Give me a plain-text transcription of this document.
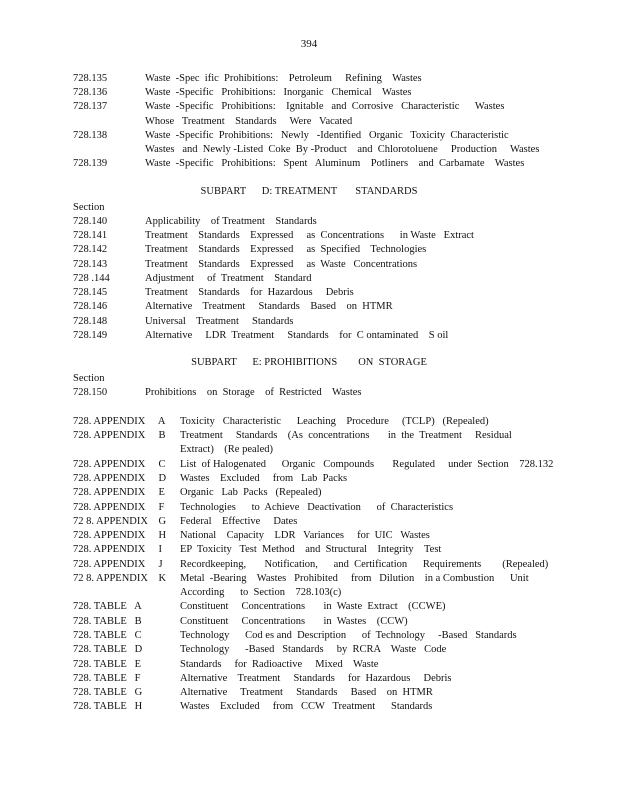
394
728.135	Waste  -Spec  ific  Prohibitions:    Petroleum     Refining    Wastes
728.136	Waste  -Specific   Prohibitions:   Inorganic   Chemical    Wastes
728.137	Waste  -Specific   Prohibitions:    Ignitable   and  Corrosive   Characteristic      Wastes
Whose   Treatment    Standards     Were   Vacated
728.138	Waste  -Specific  Prohibitions:   Newly   -Identified   Organic   Toxicity  Characteristic
Wastes   and  Newly -Listed  Coke  By -Product    and  Chlorotoluene     Production     Wastes
728.139	Waste  -Specific   Prohibitions:   Spent   Aluminum    Potliners    and  Carbamate    Wastes
SUBPART      D: TREATMENT       STANDARDS
Section
728.140	Applicability    of Treatment    Standards
728.141	Treatment    Standards    Expressed     as  Concentrations      in Waste   Extract
728.142	Treatment    Standards    Expressed     as  Specified    Technologies
728.143	Treatment    Standards    Expressed     as  Waste   Concentrations
728 .144	Adjustment     of  Treatment    Standard
728.145	Treatment    Standards    for  Hazardous     Debris
728.146	Alternative    Treatment     Standards    Based    on  HTMR
728.148	Universal    Treatment     Standards
728.149	Alternative     LDR  Treatment     Standards    for  C ontaminated    S oil
SUBPART      E: PROHIBITIONS        ON  STORAGE
Section
728.150	Prohibitions    on  Storage    of  Restricted    Wastes
728. APPENDIX     A Toxicity   Characteristic      Leaching    Procedure     (TCLP)   (Repealed)
728. APPENDIX     B Treatment     Standards    (As  concentrations       in  the  Treatment     Residual
Extract)    (Re pealed)
728. APPENDIX     C List  of Halogenated      Organic   Compounds       Regulated     under  Section    728.132
728. APPENDIX     D Wastes    Excluded     from   Lab  Packs
728. APPENDIX     E Organic   Lab  Packs   (Repealed)
728. APPENDIX     F Technologies      to  Achieve   Deactivation      of  Characteristics
72 8. APPENDIX    G Federal    Effective     Dates
728. APPENDIX     H National    Capacity    LDR   Variances     for  UIC   Wastes
728. APPENDIX     I EP  Toxicity   Test  Method    and  Structural    Integrity    Test
728. APPENDIX     J Recordkeeping,       Notification,      and  Certification      Requirements        (Repealed)
72 8. APPENDIX    K Metal  -Bearing    Wastes   Prohibited     from   Dilution    in a Combustion      Unit
According      to  Section    728.103(c)
728. TABLE   A	Constituent     Concentrations       in  Waste  Extract    (CCWE)
728. TABLE   B	Constituent     Concentrations       in  Wastes    (CCW)
728. TABLE   C	Technology      Cod es and  Description      of  Technology     -Based   Standards
728. TABLE   D	Technology      -Based   Standards     by  RCRA    Waste   Code
728. TABLE   E	Standards     for  Radioactive     Mixed    Waste
728. TABLE   F	Alternative    Treatment     Standards     for  Hazardous     Debris
728. TABLE   G	Alternative     Treatment     Standards     Based    on  HTMR
728. TABLE   H	Wastes    Excluded     from   CCW   Treatment      Standards
